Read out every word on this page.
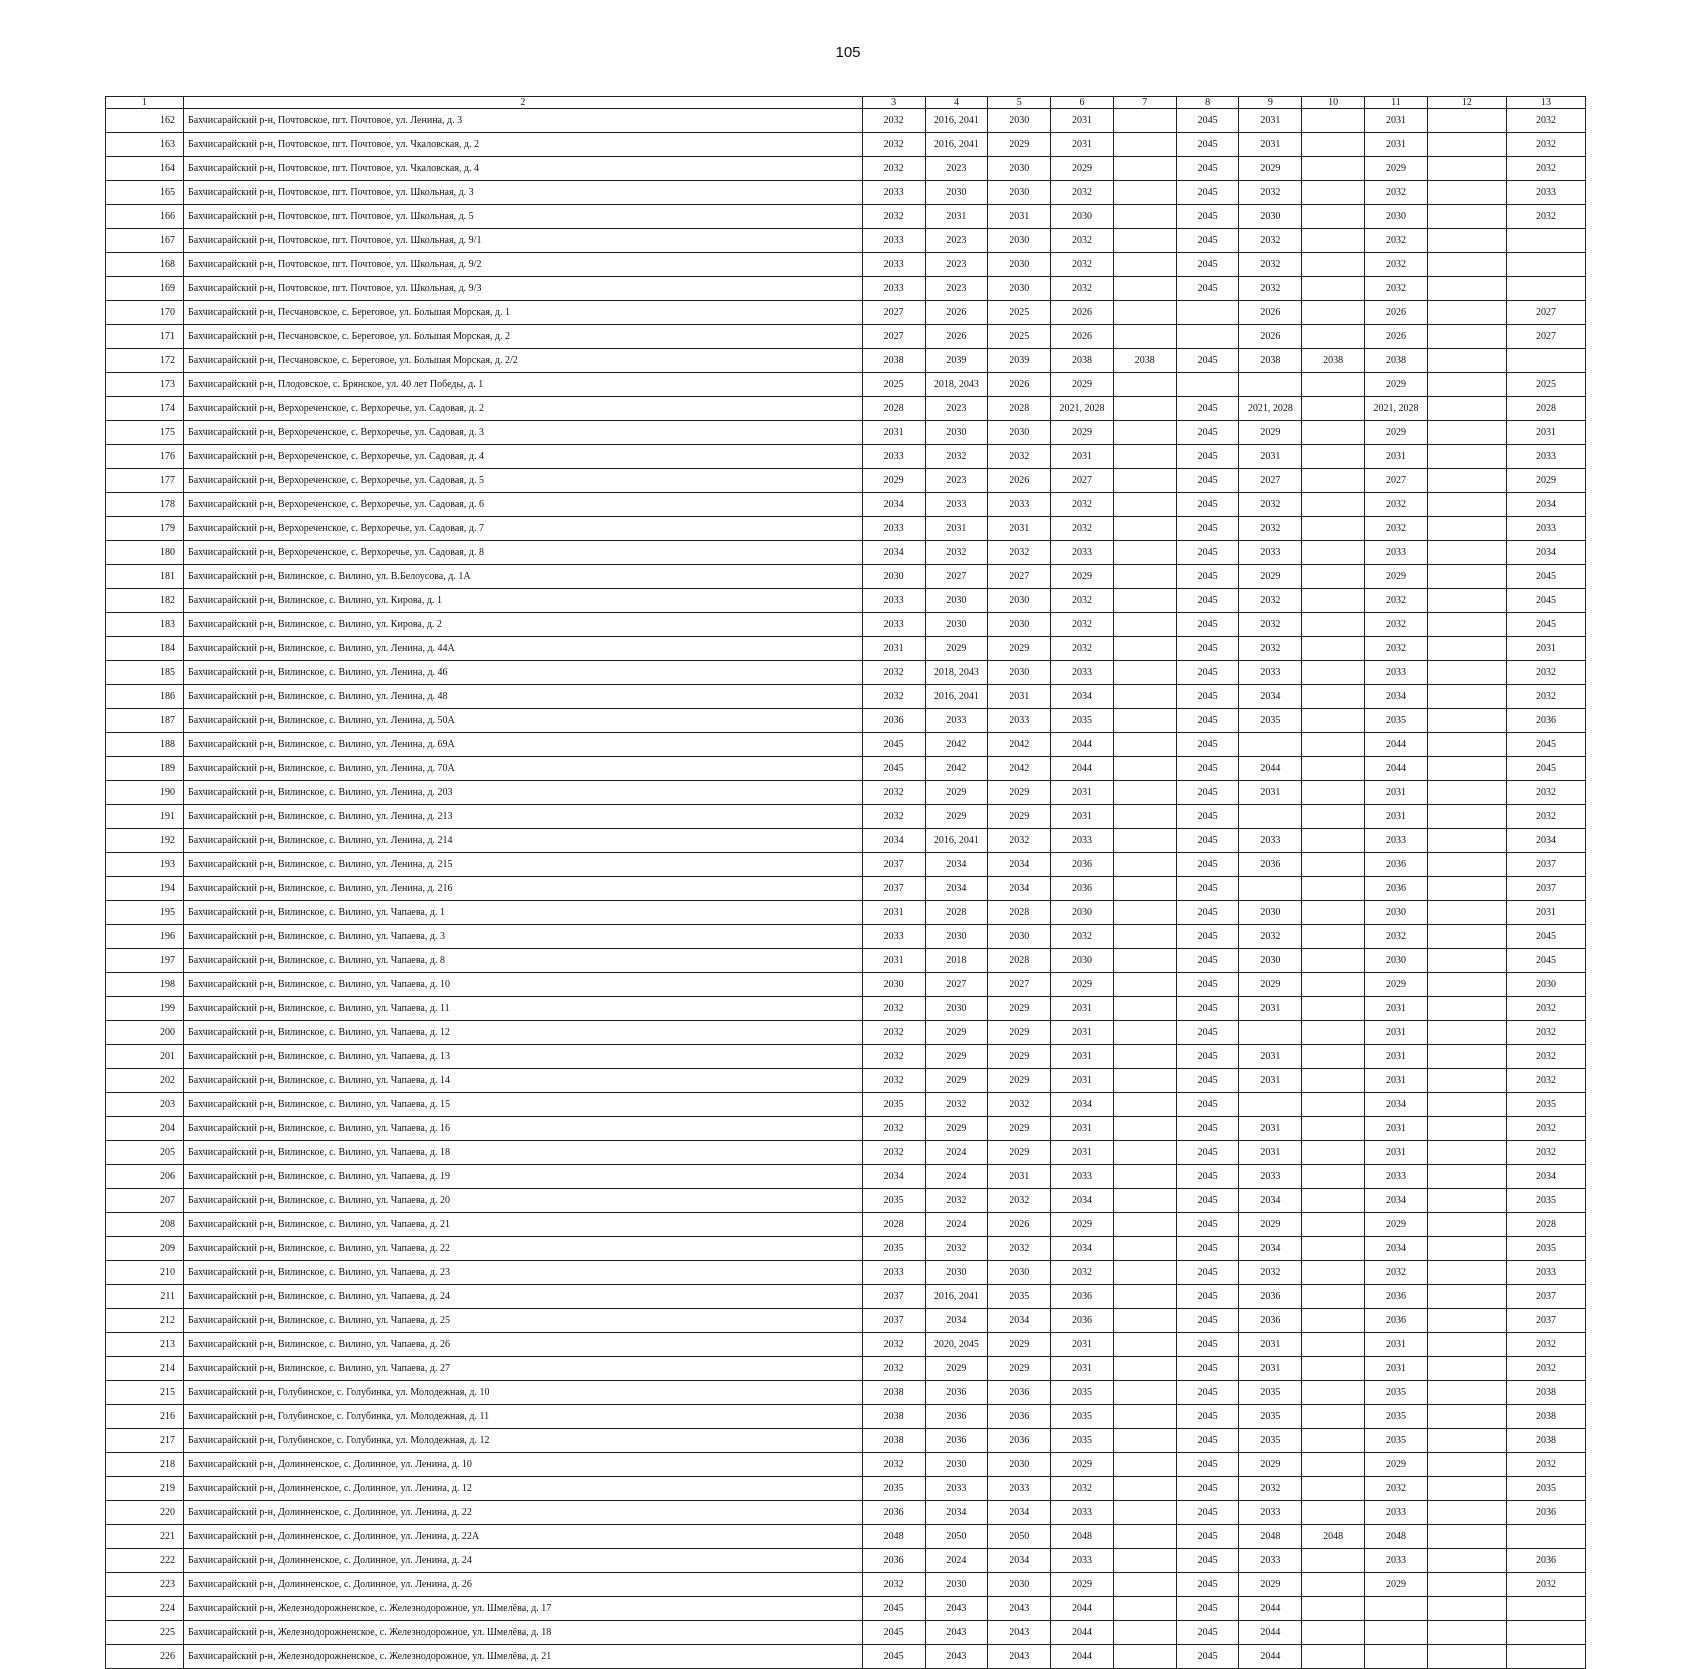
105
1	2	3	4	5	6	7	8	9	10	11	12	13
162	Бахчисарайский р-н, Почтовское, пгт. Почтовое, ул. Ленина, д. 3	2032	2016, 2041	2030	2031		2045	2031		2031		2032
163	Бахчисарайский р-н, Почтовское, пгт. Почтовое, ул. Чкаловская, д. 2	2032	2016, 2041	2029	2031		2045	2031		2031		2032
164	Бахчисарайский р-н, Почтовское, пгт. Почтовое, ул. Чкаловская, д. 4	2032	2023	2030	2029		2045	2029		2029		2032
165	Бахчисарайский р-н, Почтовское, пгт. Почтовое, ул. Школьная, д. 3	2033	2030	2030	2032		2045	2032		2032		2033
166	Бахчисарайский р-н, Почтовское, пгт. Почтовое, ул. Школьная, д. 5	2032	2031	2031	2030		2045	2030		2030		2032
167	Бахчисарайский р-н, Почтовское, пгт. Почтовое, ул. Школьная, д. 9/1	2033	2023	2030	2032		2045	2032		2032		
168	Бахчисарайский р-н, Почтовское, пгт. Почтовое, ул. Школьная, д. 9/2	2033	2023	2030	2032		2045	2032		2032		
169	Бахчисарайский р-н, Почтовское, пгт. Почтовое, ул. Школьная, д. 9/3	2033	2023	2030	2032		2045	2032		2032		
170	Бахчисарайский р-н, Песчановское, с. Береговое, ул. Большая Морская, д. 1	2027	2026	2025	2026			2026		2026		2027
171	Бахчисарайский р-н, Песчановское, с. Береговое, ул. Большая Морская, д. 2	2027	2026	2025	2026			2026		2026		2027
172	Бахчисарайский р-н, Песчановское, с. Береговое, ул. Большая Морская, д. 2/2	2038	2039	2039	2038	2038	2045	2038	2038	2038		
173	Бахчисарайский р-н, Плодовское, с. Брянское, ул. 40 лет Победы, д. 1	2025	2018, 2043	2026	2029					2029		2025
174	Бахчисарайский р-н, Верхореченское, с. Верхоречье, ул. Садовая, д. 2	2028	2023	2028	2021, 2028		2045	2021, 2028		2021, 2028		2028
175	Бахчисарайский р-н, Верхореченское, с. Верхоречье, ул. Садовая, д. 3	2031	2030	2030	2029		2045	2029		2029		2031
176	Бахчисарайский р-н, Верхореченское, с. Верхоречье, ул. Садовая, д. 4	2033	2032	2032	2031		2045	2031		2031		2033
177	Бахчисарайский р-н, Верхореченское, с. Верхоречье, ул. Садовая, д. 5	2029	2023	2026	2027		2045	2027		2027		2029
178	Бахчисарайский р-н, Верхореченское, с. Верхоречье, ул. Садовая, д. 6	2034	2033	2033	2032		2045	2032		2032		2034
179	Бахчисарайский р-н, Верхореченское, с. Верхоречье, ул. Садовая, д. 7	2033	2031	2031	2032		2045	2032		2032		2033
180	Бахчисарайский р-н, Верхореченское, с. Верхоречье, ул. Садовая, д. 8	2034	2032	2032	2033		2045	2033		2033		2034
181	Бахчисарайский р-н, Вилинское, с. Вилино, ул. В.Белоусова, д. 1А	2030	2027	2027	2029		2045	2029		2029		2045
182	Бахчисарайский р-н, Вилинское, с. Вилино, ул. Кирова, д. 1	2033	2030	2030	2032		2045	2032		2032		2045
183	Бахчисарайский р-н, Вилинское, с. Вилино, ул. Кирова, д. 2	2033	2030	2030	2032		2045	2032		2032		2045
184	Бахчисарайский р-н, Вилинское, с. Вилино, ул. Ленина, д. 44А	2031	2029	2029	2032		2045	2032		2032		2031
185	Бахчисарайский р-н, Вилинское, с. Вилино, ул. Ленина, д. 46	2032	2018, 2043	2030	2033		2045	2033		2033		2032
186	Бахчисарайский р-н, Вилинское, с. Вилино, ул. Ленина, д. 48	2032	2016, 2041	2031	2034		2045	2034		2034		2032
187	Бахчисарайский р-н, Вилинское, с. Вилино, ул. Ленина, д. 50А	2036	2033	2033	2035		2045	2035		2035		2036
188	Бахчисарайский р-н, Вилинское, с. Вилино, ул. Ленина, д. 69А	2045	2042	2042	2044		2045			2044		2045
189	Бахчисарайский р-н, Вилинское, с. Вилино, ул. Ленина, д. 70А	2045	2042	2042	2044		2045	2044		2044		2045
190	Бахчисарайский р-н, Вилинское, с. Вилино, ул. Ленина, д. 203	2032	2029	2029	2031		2045	2031		2031		2032
191	Бахчисарайский р-н, Вилинское, с. Вилино, ул. Ленина, д. 213	2032	2029	2029	2031		2045			2031		2032
192	Бахчисарайский р-н, Вилинское, с. Вилино, ул. Ленина, д. 214	2034	2016, 2041	2032	2033		2045	2033		2033		2034
193	Бахчисарайский р-н, Вилинское, с. Вилино, ул. Ленина, д. 215	2037	2034	2034	2036		2045	2036		2036		2037
194	Бахчисарайский р-н, Вилинское, с. Вилино, ул. Ленина, д. 216	2037	2034	2034	2036		2045			2036		2037
195	Бахчисарайский р-н, Вилинское, с. Вилино, ул. Чапаева, д. 1	2031	2028	2028	2030		2045	2030		2030		2031
196	Бахчисарайский р-н, Вилинское, с. Вилино, ул. Чапаева, д. 3	2033	2030	2030	2032		2045	2032		2032		2045
197	Бахчисарайский р-н, Вилинское, с. Вилино, ул. Чапаева, д. 8	2031	2018	2028	2030		2045	2030		2030		2045
198	Бахчисарайский р-н, Вилинское, с. Вилино, ул. Чапаева, д. 10	2030	2027	2027	2029		2045	2029		2029		2030
199	Бахчисарайский р-н, Вилинское, с. Вилино, ул. Чапаева, д. 11	2032	2030	2029	2031		2045	2031		2031		2032
200	Бахчисарайский р-н, Вилинское, с. Вилино, ул. Чапаева, д. 12	2032	2029	2029	2031		2045			2031		2032
201	Бахчисарайский р-н, Вилинское, с. Вилино, ул. Чапаева, д. 13	2032	2029	2029	2031		2045	2031		2031		2032
202	Бахчисарайский р-н, Вилинское, с. Вилино, ул. Чапаева, д. 14	2032	2029	2029	2031		2045	2031		2031		2032
203	Бахчисарайский р-н, Вилинское, с. Вилино, ул. Чапаева, д. 15	2035	2032	2032	2034		2045			2034		2035
204	Бахчисарайский р-н, Вилинское, с. Вилино, ул. Чапаева, д. 16	2032	2029	2029	2031		2045	2031		2031		2032
205	Бахчисарайский р-н, Вилинское, с. Вилино, ул. Чапаева, д. 18	2032	2024	2029	2031		2045	2031		2031		2032
206	Бахчисарайский р-н, Вилинское, с. Вилино, ул. Чапаева, д. 19	2034	2024	2031	2033		2045	2033		2033		2034
207	Бахчисарайский р-н, Вилинское, с. Вилино, ул. Чапаева, д. 20	2035	2032	2032	2034		2045	2034		2034		2035
208	Бахчисарайский р-н, Вилинское, с. Вилино, ул. Чапаева, д. 21	2028	2024	2026	2029		2045	2029		2029		2028
209	Бахчисарайский р-н, Вилинское, с. Вилино, ул. Чапаева, д. 22	2035	2032	2032	2034		2045	2034		2034		2035
210	Бахчисарайский р-н, Вилинское, с. Вилино, ул. Чапаева, д. 23	2033	2030	2030	2032		2045	2032		2032		2033
211	Бахчисарайский р-н, Вилинское, с. Вилино, ул. Чапаева, д. 24	2037	2016, 2041	2035	2036		2045	2036		2036		2037
212	Бахчисарайский р-н, Вилинское, с. Вилино, ул. Чапаева, д. 25	2037	2034	2034	2036		2045	2036		2036		2037
213	Бахчисарайский р-н, Вилинское, с. Вилино, ул. Чапаева, д. 26	2032	2020, 2045	2029	2031		2045	2031		2031		2032
214	Бахчисарайский р-н, Вилинское, с. Вилино, ул. Чапаева, д. 27	2032	2029	2029	2031		2045	2031		2031		2032
215	Бахчисарайский р-н, Голубинское, с. Голубинка, ул. Молодежная, д. 10	2038	2036	2036	2035		2045	2035		2035		2038
216	Бахчисарайский р-н, Голубинское, с. Голубинка, ул. Молодежная, д. 11	2038	2036	2036	2035		2045	2035		2035		2038
217	Бахчисарайский р-н, Голубинское, с. Голубинка, ул. Молодежная, д. 12	2038	2036	2036	2035		2045	2035		2035		2038
218	Бахчисарайский р-н, Долинненское, с. Долинное, ул. Ленина, д. 10	2032	2030	2030	2029		2045	2029		2029		2032
219	Бахчисарайский р-н, Долинненское, с. Долинное, ул. Ленина, д. 12	2035	2033	2033	2032		2045	2032		2032		2035
220	Бахчисарайский р-н, Долинненское, с. Долинное, ул. Ленина, д. 22	2036	2034	2034	2033		2045	2033		2033		2036
221	Бахчисарайский р-н, Долинненское, с. Долинное, ул. Ленина, д. 22А	2048	2050	2050	2048		2045	2048	2048	2048		
222	Бахчисарайский р-н, Долинненское, с. Долинное, ул. Ленина, д. 24	2036	2024	2034	2033		2045	2033		2033		2036
223	Бахчисарайский р-н, Долинненское, с. Долинное, ул. Ленина, д. 26	2032	2030	2030	2029		2045	2029		2029		2032
224	Бахчисарайский р-н, Железнодорожненское, с. Железнодорожное, ул. Шмелёва, д. 17	2045	2043	2043	2044		2045	2044				
225	Бахчисарайский р-н, Железнодорожненское, с. Железнодорожное, ул. Шмелёва, д. 18	2045	2043	2043	2044		2045	2044				
226	Бахчисарайский р-н, Железнодорожненское, с. Железнодорожное, ул. Шмелёва, д. 21	2045	2043	2043	2044		2045	2044				
